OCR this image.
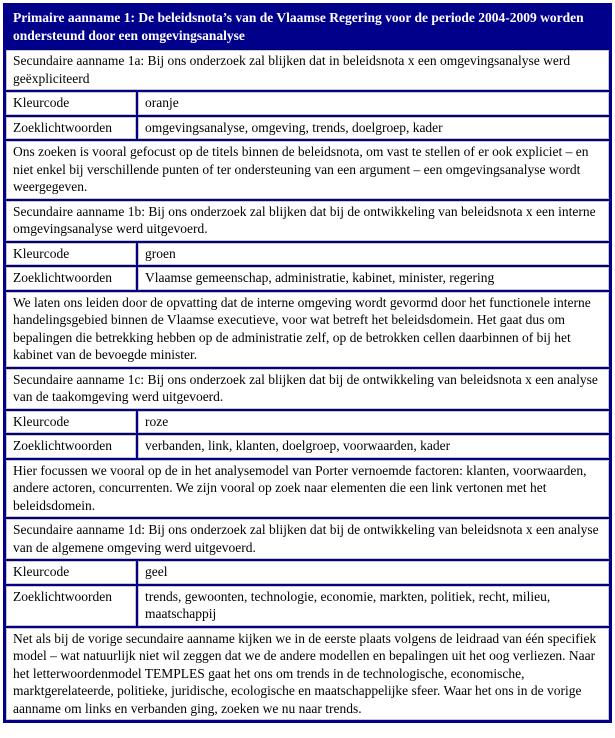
Primaire aanname 1: De beleidsnota’s van de Vlaamse Regering voor de periode 2004-2009 worden ondersteund door een omgevingsanalyse	
Secundaire aanname 1a: Bij ons onderzoek zal blijken dat in beleidsnota x een omgevingsanalyse werd geëxpliciteerd	
Kleurcode	oranje
Zoeklichtwoorden	omgevingsanalyse, omgeving, trends, doelgroep, kader
Ons zoeken is vooral gefocust op de titels binnen de beleidsnota, om vast te stellen of er ook expliciet – en niet enkel bij verschillende punten of ter ondersteuning van een argument – een omgevingsanalyse wordt weergegeven.	
Secundaire aanname 1b: Bij ons onderzoek zal blijken dat bij de ontwikkeling van beleidsnota x een interne omgevingsanalyse werd uitgevoerd.	
Kleurcode	groen
Zoeklichtwoorden	Vlaamse gemeenschap, administratie, kabinet, minister, regering
We laten ons leiden door de opvatting dat de interne omgeving wordt gevormd door het functionele interne handelingsgebied binnen de Vlaamse executieve, voor wat betreft het beleidsdomein. Het gaat dus om bepalingen die betrekking hebben op de administratie zelf, op de betrokken cellen daarbinnen of bij het kabinet van de bevoegde minister.	
Secundaire aanname 1c: Bij ons onderzoek zal blijken dat bij de ontwikkeling van beleidsnota x een analyse van de taakomgeving werd uitgevoerd.	
Kleurcode	roze
Zoeklichtwoorden	verbanden, link, klanten, doelgroep, voorwaarden, kader
Hier focussen we vooral op de in het analysemodel van Porter vernoemde factoren: klanten, voorwaarden, andere actoren, concurrenten. We zijn vooral op zoek naar elementen die een link vertonen met het beleidsdomein.	
Secundaire aanname 1d: Bij ons onderzoek zal blijken dat bij de ontwikkeling van beleidsnota x een analyse van de algemene omgeving werd uitgevoerd.	
Kleurcode	geel
Zoeklichtwoorden	trends, gewoonten, technologie, economie, markten, politiek, recht, milieu, maatschappij
Net als bij de vorige secundaire aanname kijken we in de eerste plaats volgens de leidraad van één specifiek model – wat natuurlijk niet wil zeggen dat we de andere modellen en bepalingen uit het oog verliezen. Naar het letterwoordenmodel TEMPLES gaat het ons om trends in de technologische, economische, marktgerelateerde, politieke, juridische, ecologische en maatschappelijke sfeer. Waar het ons in de vorige aanname om links en verbanden ging, zoeken we nu naar trends.	
